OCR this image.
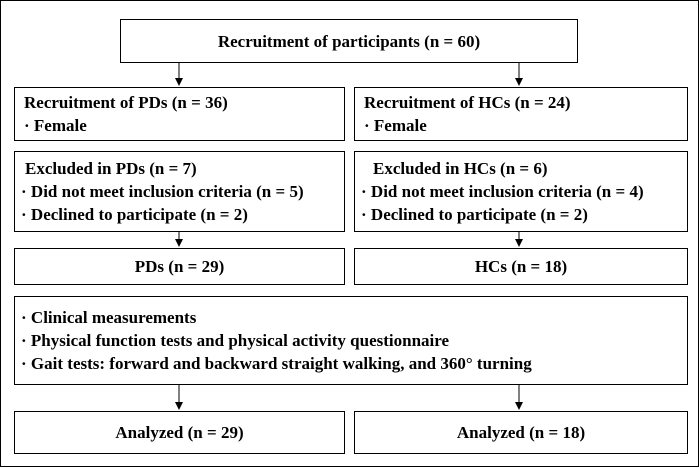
Recruitment of participants (n = 60)
Recruitment of PDs (n = 36)
· Female
Recruitment of HCs (n = 24)
· Female
Excluded in PDs (n = 7)
· Did not meet inclusion criteria (n = 5)
· Declined to participate (n = 2)
Excluded in HCs (n = 6)
· Did not meet inclusion criteria (n = 4)
· Declined to participate (n = 2)
PDs (n = 29)	HCs (n = 18)
· Clinical measurements
· Physical function tests and physical activity questionnaire
· Gait tests: forward and backward straight walking, and 360° turning
Analyzed (n = 29)	Analyzed (n = 18)
